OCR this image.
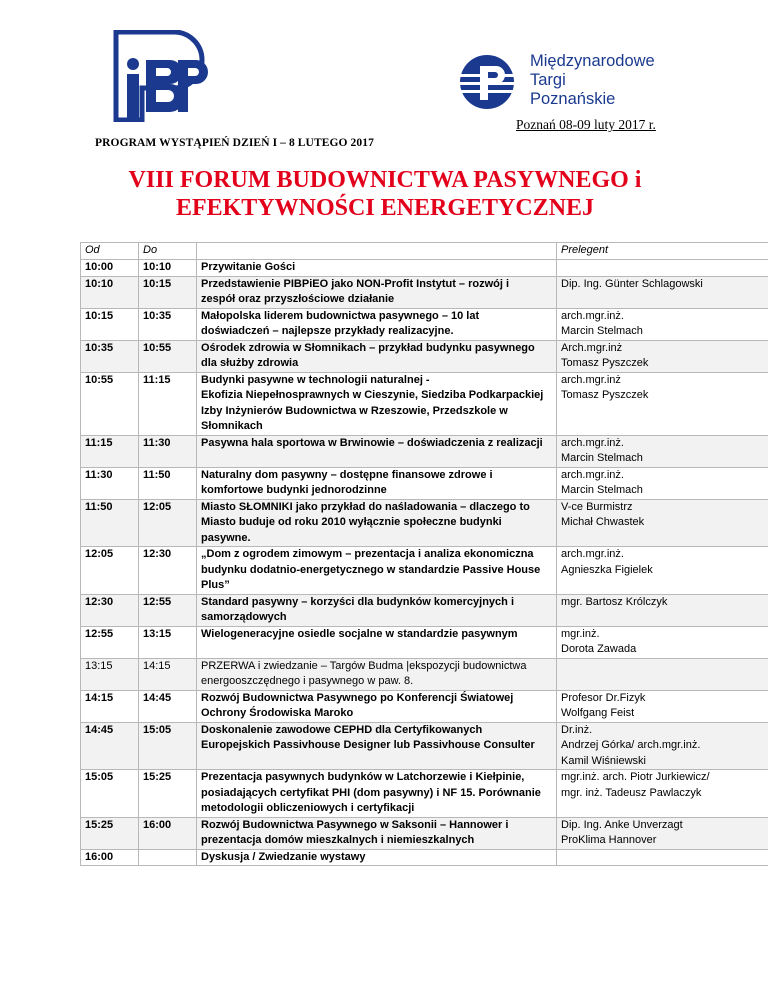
Międzynarodowe
Targi
Poznańskie
Poznań 08-09 luty 2017 r.
PROGRAM WYSTĄPIEŃ DZIEŃ I – 8 LUTEGO 2017
VIII FORUM BUDOWNICTWA PASYWNEGO i
EFEKTYWNOŚCI ENERGETYCZNEJ
Od	Do		Prelegent
10:00	10:10	Przywitanie Gości	

10:10	10:15	Przedstawienie PIBPiEO jako NON-Profit Instytut – rozwój i
zespół oraz przyszłościowe działanie	Dip. Ing. Günter Schlagowski
10:15	10:35	Małopolska liderem budownictwa pasywnego – 10 lat
doświadczeń – najlepsze przykłady realizacyjne.	arch.mgr.inż.
Marcin Stelmach
10:35	10:55	Ośrodek zdrowia w Słomnikach – przykład budynku pasywnego
dla służby zdrowia	Arch.mgr.inż
Tomasz Pyszczek
10:55	11:15	Budynki pasywne w technologii naturalnej -
Ekofizia Niepełnosprawnych w Cieszynie, Siedziba Podkarpackiej
Izby Inżynierów Budownictwa w Rzeszowie, Przedszkole w
Słomnikach	arch.mgr.inż
Tomasz Pyszczek
11:15	11:30	Pasywna hala sportowa w Brwinowie – doświadczenia z realizacji	arch.mgr.inż.
Marcin Stelmach
11:30	11:50	Naturalny dom pasywny – dostępne finansowe zdrowe i
komfortowe budynki jednorodzinne	arch.mgr.inż.
Marcin Stelmach
11:50	12:05	Miasto SŁOMNIKI jako przykład do naśladowania – dlaczego to
Miasto buduje od roku 2010 wyłącznie społeczne budynki
pasywne.	V-ce Burmistrz
Michał Chwastek
12:05	12:30	„Dom z ogrodem zimowym – prezentacja i analiza ekonomiczna
budynku dodatnio-energetycznego w standardzie Passive House
Plus”	arch.mgr.inż.
Agnieszka Figielek
12:30	12:55	Standard pasywny – korzyści dla budynków komercyjnych i
samorządowych	mgr. Bartosz Królczyk
12:55	13:15	Wielogeneracyjne osiedle socjalne w standardzie pasywnym	mgr.inż.
Dorota Zawada
13:15	14:15	PRZERWA i zwiedzanie – Targów Budma |ekspozycji budownictwa
energooszczędnego i pasywnego w paw. 8.	

14:15	14:45	Rozwój Budownictwa Pasywnego po Konferencji Światowej
Ochrony Środowiska Maroko	Profesor Dr.Fizyk
Wolfgang Feist
14:45	15:05	Doskonalenie zawodowe CEPHD dla Certyfikowanych
Europejskich Passivhouse Designer lub Passivhouse Consulter	Dr.inż.
Andrzej Górka/ arch.mgr.inż.
Kamil Wiśniewski
15:05	15:25	Prezentacja pasywnych budynków w Latchorzewie i Kiełpinie,
posiadających certyfikat PHI (dom pasywny) i NF 15. Porównanie
metodologii obliczeniowych i certyfikacji	mgr.inż. arch. Piotr Jurkiewicz/
mgr. inż. Tadeusz Pawlaczyk
15:25	16:00	Rozwój Budownictwa Pasywnego w Saksonii – Hannower i
prezentacja domów mieszkalnych i niemieszkalnych	Dip. Ing. Anke Unverzagt
ProKlima Hannover
16:00		Dyskusja / Zwiedzanie wystawy	
